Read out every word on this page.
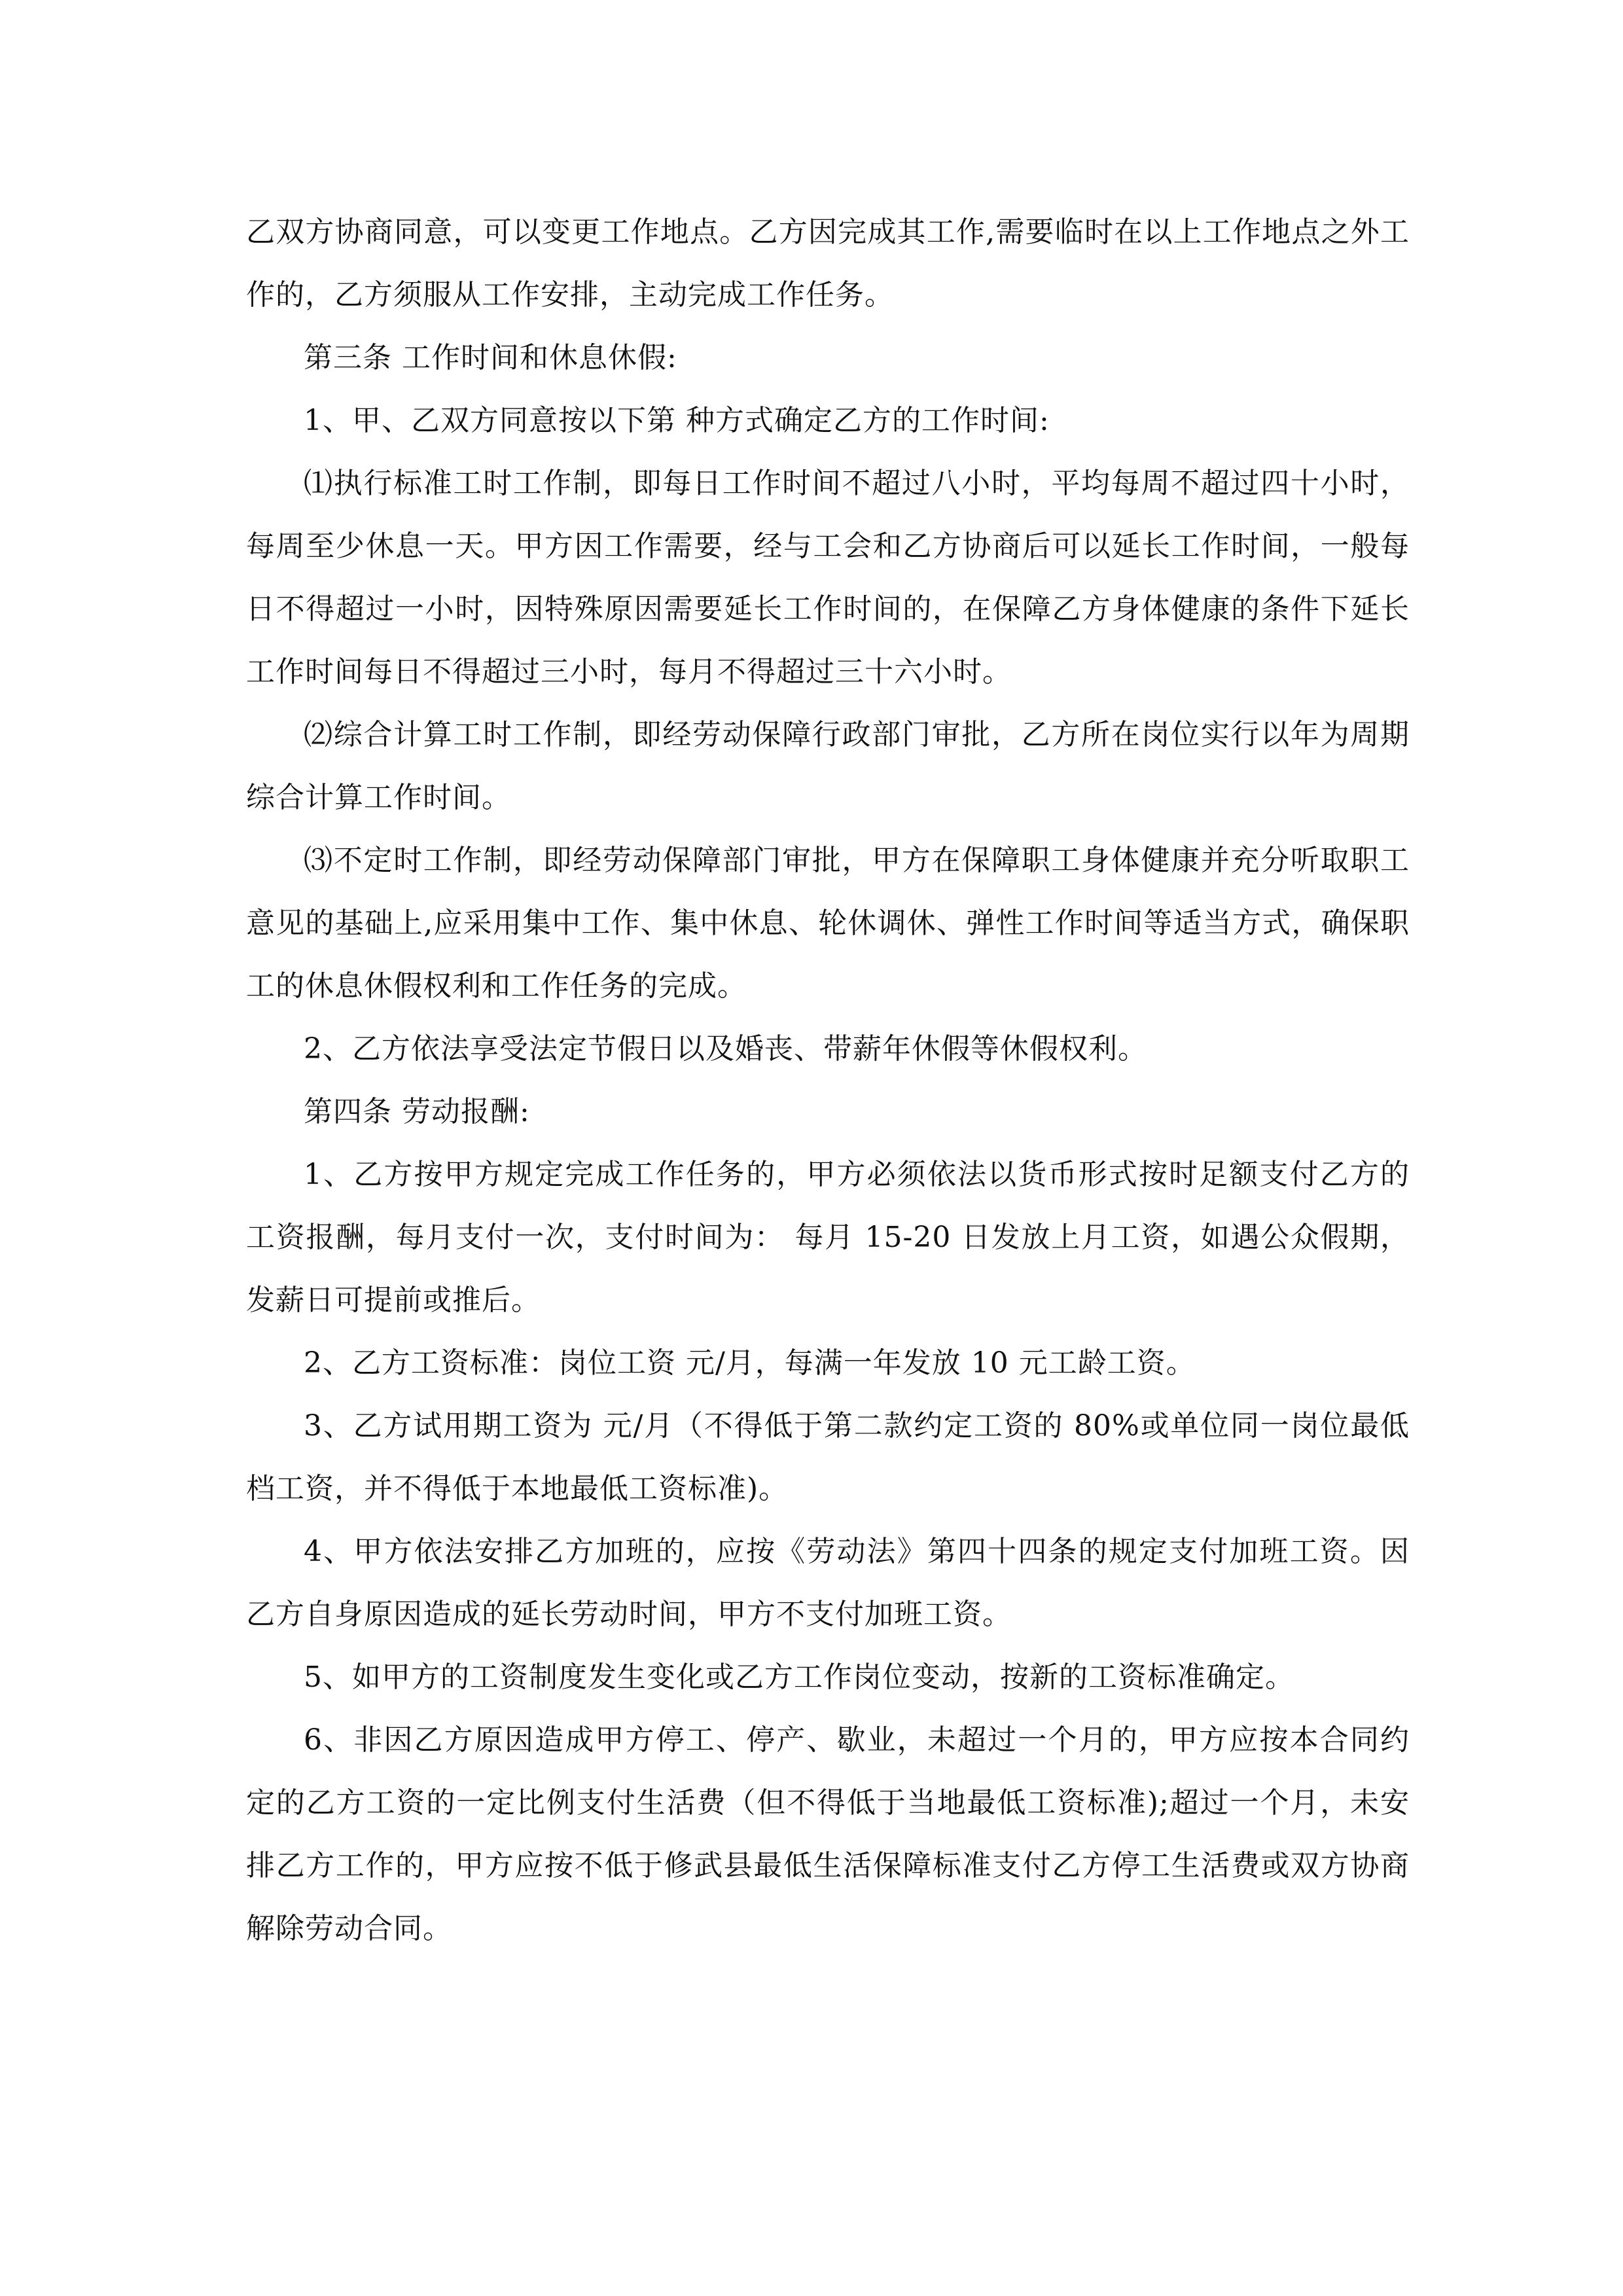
乙双方协商同意，可以变更工作地点。乙方因完成其工作,需要临时在以上工作地点之外工作的，乙方须服从工作安排，主动完成工作任务。

第三条 工作时间和休息休假:

1、甲、乙双方同意按以下第 种方式确定乙方的工作时间:

⑴执行标准工时工作制，即每日工作时间不超过八小时，平均每周不超过四十小时，每周至少休息一天。甲方因工作需要，经与工会和乙方协商后可以延长工作时间，一般每日不得超过一小时，因特殊原因需要延长工作时间的，在保障乙方身体健康的条件下延长工作时间每日不得超过三小时，每月不得超过三十六小时。

⑵综合计算工时工作制，即经劳动保障行政部门审批，乙方所在岗位实行以年为周期综合计算工作时间。

⑶不定时工作制，即经劳动保障部门审批，甲方在保障职工身体健康并充分听取职工意见的基础上,应采用集中工作、集中休息、轮休调休、弹性工作时间等适当方式，确保职工的休息休假权利和工作任务的完成。

2、乙方依法享受法定节假日以及婚丧、带薪年休假等休假权利。

第四条 劳动报酬:

1、乙方按甲方规定完成工作任务的，甲方必须依法以货币形式按时足额支付乙方的工资报酬，每月支付一次，支付时间为： 每月 15-20 日发放上月工资，如遇公众假期，发薪日可提前或推后。

2、乙方工资标准：岗位工资 元/月，每满一年发放 10 元工龄工资。

3、乙方试用期工资为 元/月（不得低于第二款约定工资的 80%或单位同一岗位最低档工资，并不得低于本地最低工资标准)。

4、甲方依法安排乙方加班的，应按《劳动法》第四十四条的规定支付加班工资。因乙方自身原因造成的延长劳动时间，甲方不支付加班工资。

5、如甲方的工资制度发生变化或乙方工作岗位变动，按新的工资标准确定。

6、非因乙方原因造成甲方停工、停产、歇业，未超过一个月的，甲方应按本合同约定的乙方工资的一定比例支付生活费（但不得低于当地最低工资标准);超过一个月，未安排乙方工作的，甲方应按不低于修武县最低生活保障标准支付乙方停工生活费或双方协商解除劳动合同。
